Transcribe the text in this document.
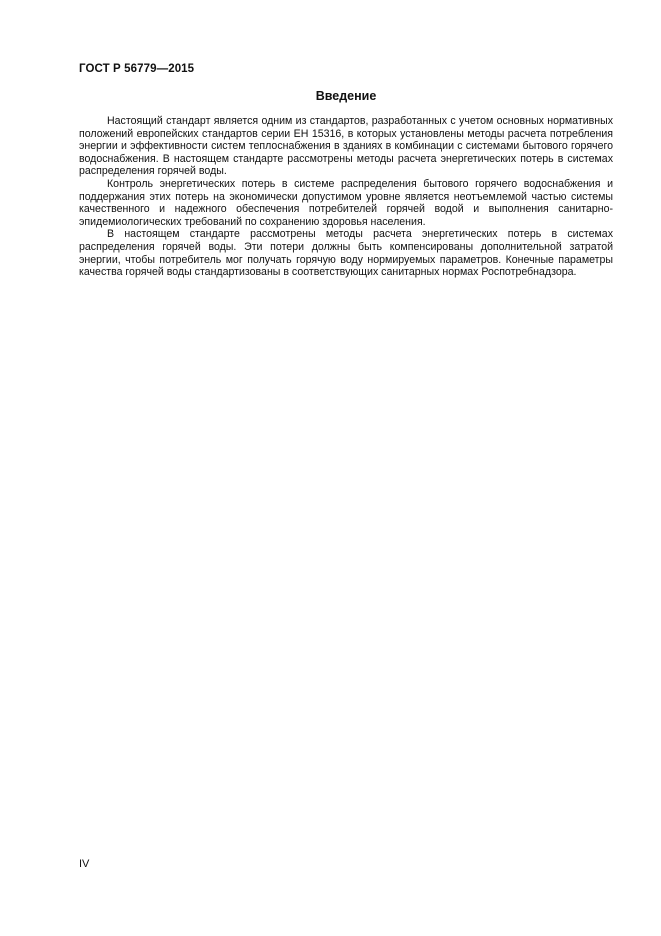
ГОСТ Р 56779—2015
Введение

Настоящий стандарт является одним из стандартов, разработанных с учетом основных нормативных положений европейских стандартов серии ЕН 15316, в которых установлены методы расчета потребления энергии и эффективности систем теплоснабжения в зданиях в комбинации с системами бытового горячего водоснабжения. В настоящем стандарте рассмотрены методы расчета энергетических потерь в системах распределения горячей воды.

Контроль энергетических потерь в системе распределения бытового горячего водоснабжения и поддержания этих потерь на экономически допустимом уровне является неотъемлемой частью системы качественного и надежного обеспечения потребителей горячей водой и выполнения санитарно-эпидемиологических требований по сохранению здоровья населения.

В настоящем стандарте рассмотрены методы расчета энергетических потерь в системах распределения горячей воды. Эти потери должны быть компенсированы дополнительной затратой энергии, чтобы потребитель мог получать горячую воду нормируемых параметров. Конечные параметры качества горячей воды стандартизованы в соответствующих санитарных нормах Роспотребнадзора.

IV
